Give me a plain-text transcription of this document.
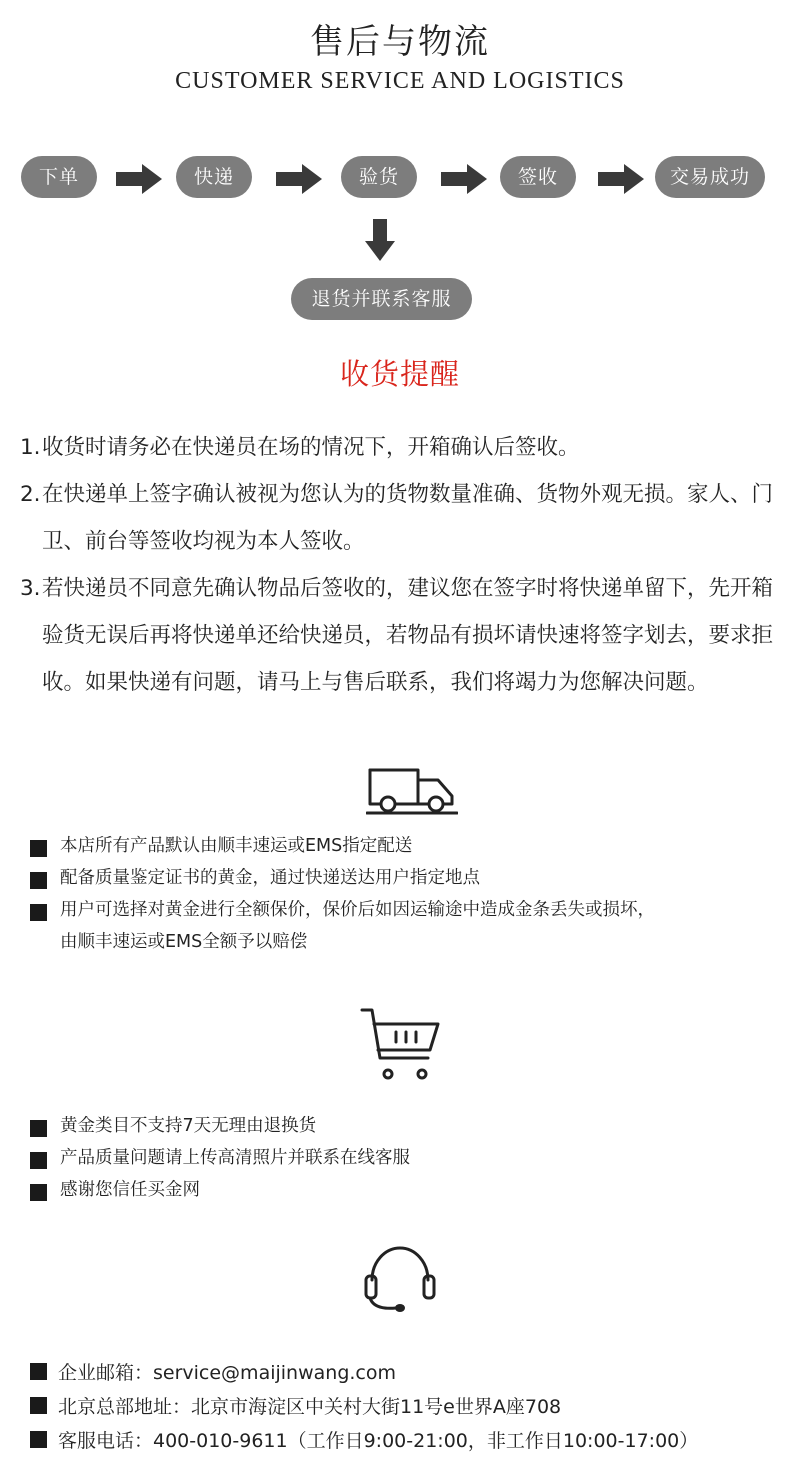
售后与物流
CUSTOMER SERVICE AND LOGISTICS
下单	快递	验货	签收	交易成功
退货并联系客服
收货提醒
1. 收货时请务必在快递员在场的情况下，开箱确认后签收。
2. 在快递单上签字确认被视为您认为的货物数量准确、货物外观无损。家人、门卫、前台等签收均视为本人签收。
3. 若快递员不同意先确认物品后签收的，建议您在签字时将快递单留下，先开箱验货无误后再将快递单还给快递员，若物品有损坏请快速将签字划去，要求拒收。如果快递有问题，请马上与售后联系，我们将竭力为您解决问题。
本店所有产品默认由顺丰速运或EMS指定配送
配备质量鉴定证书的黄金，通过快递送达用户指定地点
用户可选择对黄金进行全额保价，保价后如因运输途中造成金条丢失或损坏，
由顺丰速运或EMS全额予以赔偿
黄金类目不支持7天无理由退换货
产品质量问题请上传高清照片并联系在线客服
感谢您信任买金网
企业邮箱：service@maijinwang.com
北京总部地址：北京市海淀区中关村大街11号e世界A座708
客服电话：400-010-9611（工作日9:00-21:00，非工作日10:00-17:00）
